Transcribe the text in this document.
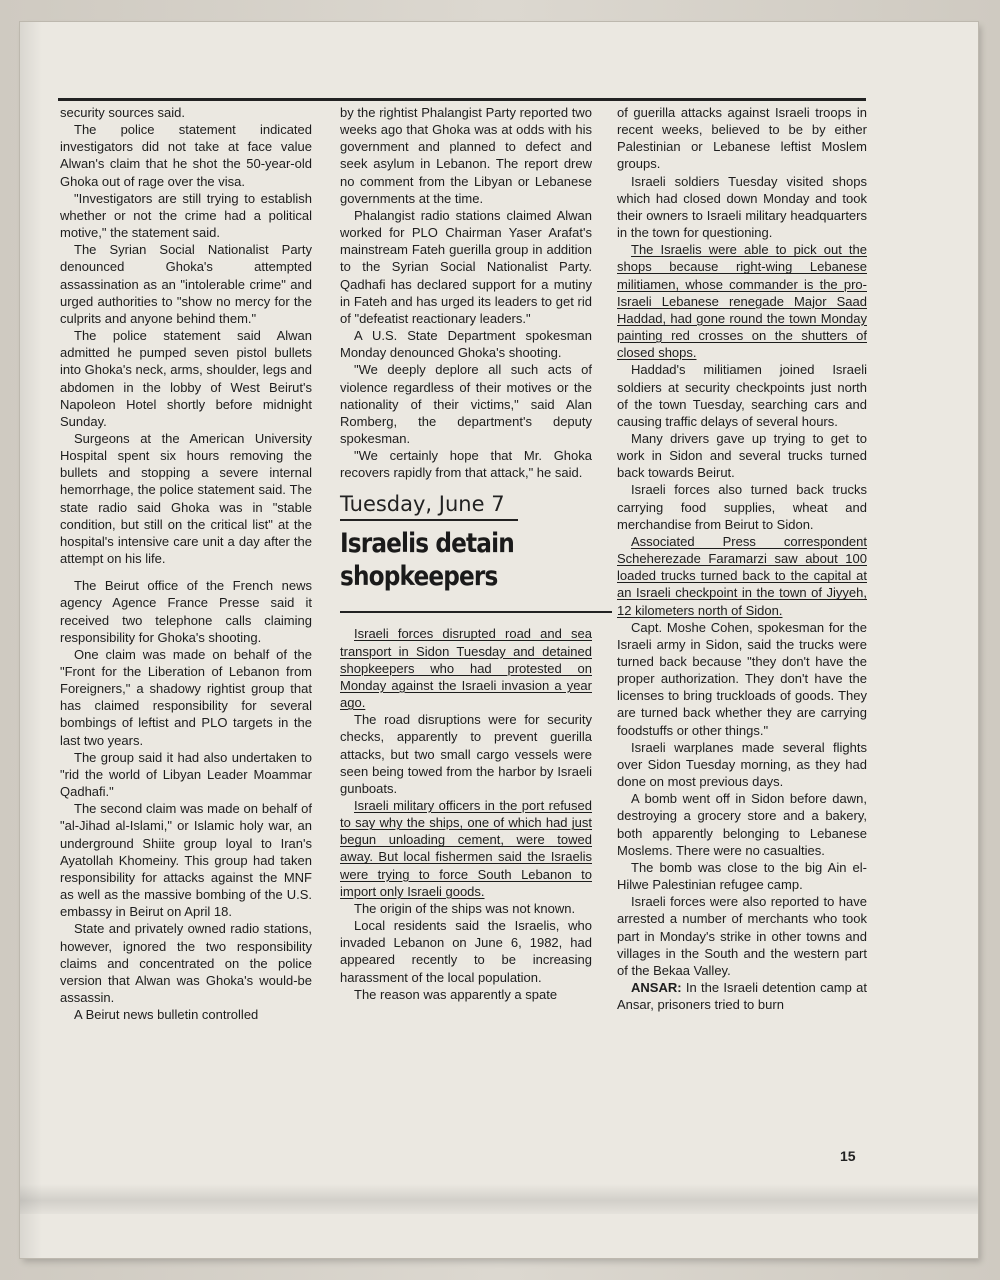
security sources said.

The police statement indicated investigators did not take at face value Alwan's claim that he shot the 50-year-old Ghoka out of rage over the visa.

"Investigators are still trying to establish whether or not the crime had a political motive," the statement said.

The Syrian Social Nationalist Party denounced Ghoka's attempted assassination as an "intolerable crime" and urged authorities to "show no mercy for the culprits and anyone behind them."

The police statement said Alwan admitted he pumped seven pistol bullets into Ghoka's neck, arms, shoulder, legs and abdomen in the lobby of West Beirut's Napoleon Hotel shortly before midnight Sunday.

Surgeons at the American University Hospital spent six hours removing the bullets and stopping a severe internal hemorrhage, the police statement said. The state radio said Ghoka was in "stable condition, but still on the critical list" at the hospital's intensive care unit a day after the attempt on his life.

The Beirut office of the French news agency Agence France Presse said it received two telephone calls claiming responsibility for Ghoka's shooting.

One claim was made on behalf of the "Front for the Liberation of Lebanon from Foreigners," a shadowy rightist group that has claimed responsibility for several bombings of leftist and PLO targets in the last two years.

The group said it had also undertaken to "rid the world of Libyan Leader Moammar Qadhafi."

The second claim was made on behalf of "al-Jihad al-Islami," or Islamic holy war, an underground Shiite group loyal to Iran's Ayatollah Khomeiny. This group had taken responsibility for attacks against the MNF as well as the massive bombing of the U.S. embassy in Beirut on April 18.

State and privately owned radio stations, however, ignored the two responsibility claims and concentrated on the police version that Alwan was Ghoka's would-be assassin.

A Beirut news bulletin controlled

by the rightist Phalangist Party reported two weeks ago that Ghoka was at odds with his government and planned to defect and seek asylum in Lebanon. The report drew no comment from the Libyan or Lebanese governments at the time.

Phalangist radio stations claimed Alwan worked for PLO Chairman Yaser Arafat's mainstream Fateh guerilla group in addition to the Syrian Social Nationalist Party. Qadhafi has declared support for a mutiny in Fateh and has urged its leaders to get rid of "defeatist reactionary leaders."

A U.S. State Department spokesman Monday denounced Ghoka's shooting.

"We deeply deplore all such acts of violence regardless of their motives or the nationality of their victims," said Alan Romberg, the department's deputy spokesman.

"We certainly hope that Mr. Ghoka recovers rapidly from that attack," he said.

Tuesday, June 7
Israelis detain shopkeepers

Israeli forces disrupted road and sea transport in Sidon Tuesday and detained shopkeepers who had protested on Monday against the Israeli invasion a year ago.

The road disruptions were for security checks, apparently to prevent guerilla attacks, but two small cargo vessels were seen being towed from the harbor by Israeli gunboats.

Israeli military officers in the port refused to say why the ships, one of which had just begun unloading cement, were towed away. But local fishermen said the Israelis were trying to force South Lebanon to import only Israeli goods.

The origin of the ships was not known.

Local residents said the Israelis, who invaded Lebanon on June 6, 1982, had appeared recently to be increasing harassment of the local population.

The reason was apparently a spate

of guerilla attacks against Israeli troops in recent weeks, believed to be by either Palestinian or Lebanese leftist Moslem groups.

Israeli soldiers Tuesday visited shops which had closed down Monday and took their owners to Israeli military headquarters in the town for questioning.

The Israelis were able to pick out the shops because right-wing Lebanese militiamen, whose commander is the pro-Israeli Lebanese renegade Major Saad Haddad, had gone round the town Monday painting red crosses on the shutters of closed shops.

Haddad's militiamen joined Israeli soldiers at security checkpoints just north of the town Tuesday, searching cars and causing traffic delays of several hours.

Many drivers gave up trying to get to work in Sidon and several trucks turned back towards Beirut.

Israeli forces also turned back trucks carrying food supplies, wheat and merchandise from Beirut to Sidon.

Associated Press correspondent Scheherezade Faramarzi saw about 100 loaded trucks turned back to the capital at an Israeli checkpoint in the town of Jiyyeh, 12 kilometers north of Sidon.

Capt. Moshe Cohen, spokesman for the Israeli army in Sidon, said the trucks were turned back because "they don't have the proper authorization. They don't have the licenses to bring truckloads of goods. They are turned back whether they are carrying foodstuffs or other things."

Israeli warplanes made several flights over Sidon Tuesday morning, as they had done on most previous days.

A bomb went off in Sidon before dawn, destroying a grocery store and a bakery, both apparently belonging to Lebanese Moslems. There were no casualties.

The bomb was close to the big Ain el-Hilwe Palestinian refugee camp.

Israeli forces were also reported to have arrested a number of merchants who took part in Monday's strike in other towns and villages in the South and the western part of the Bekaa Valley.

ANSAR: In the Israeli detention camp at Ansar, prisoners tried to burn

15
